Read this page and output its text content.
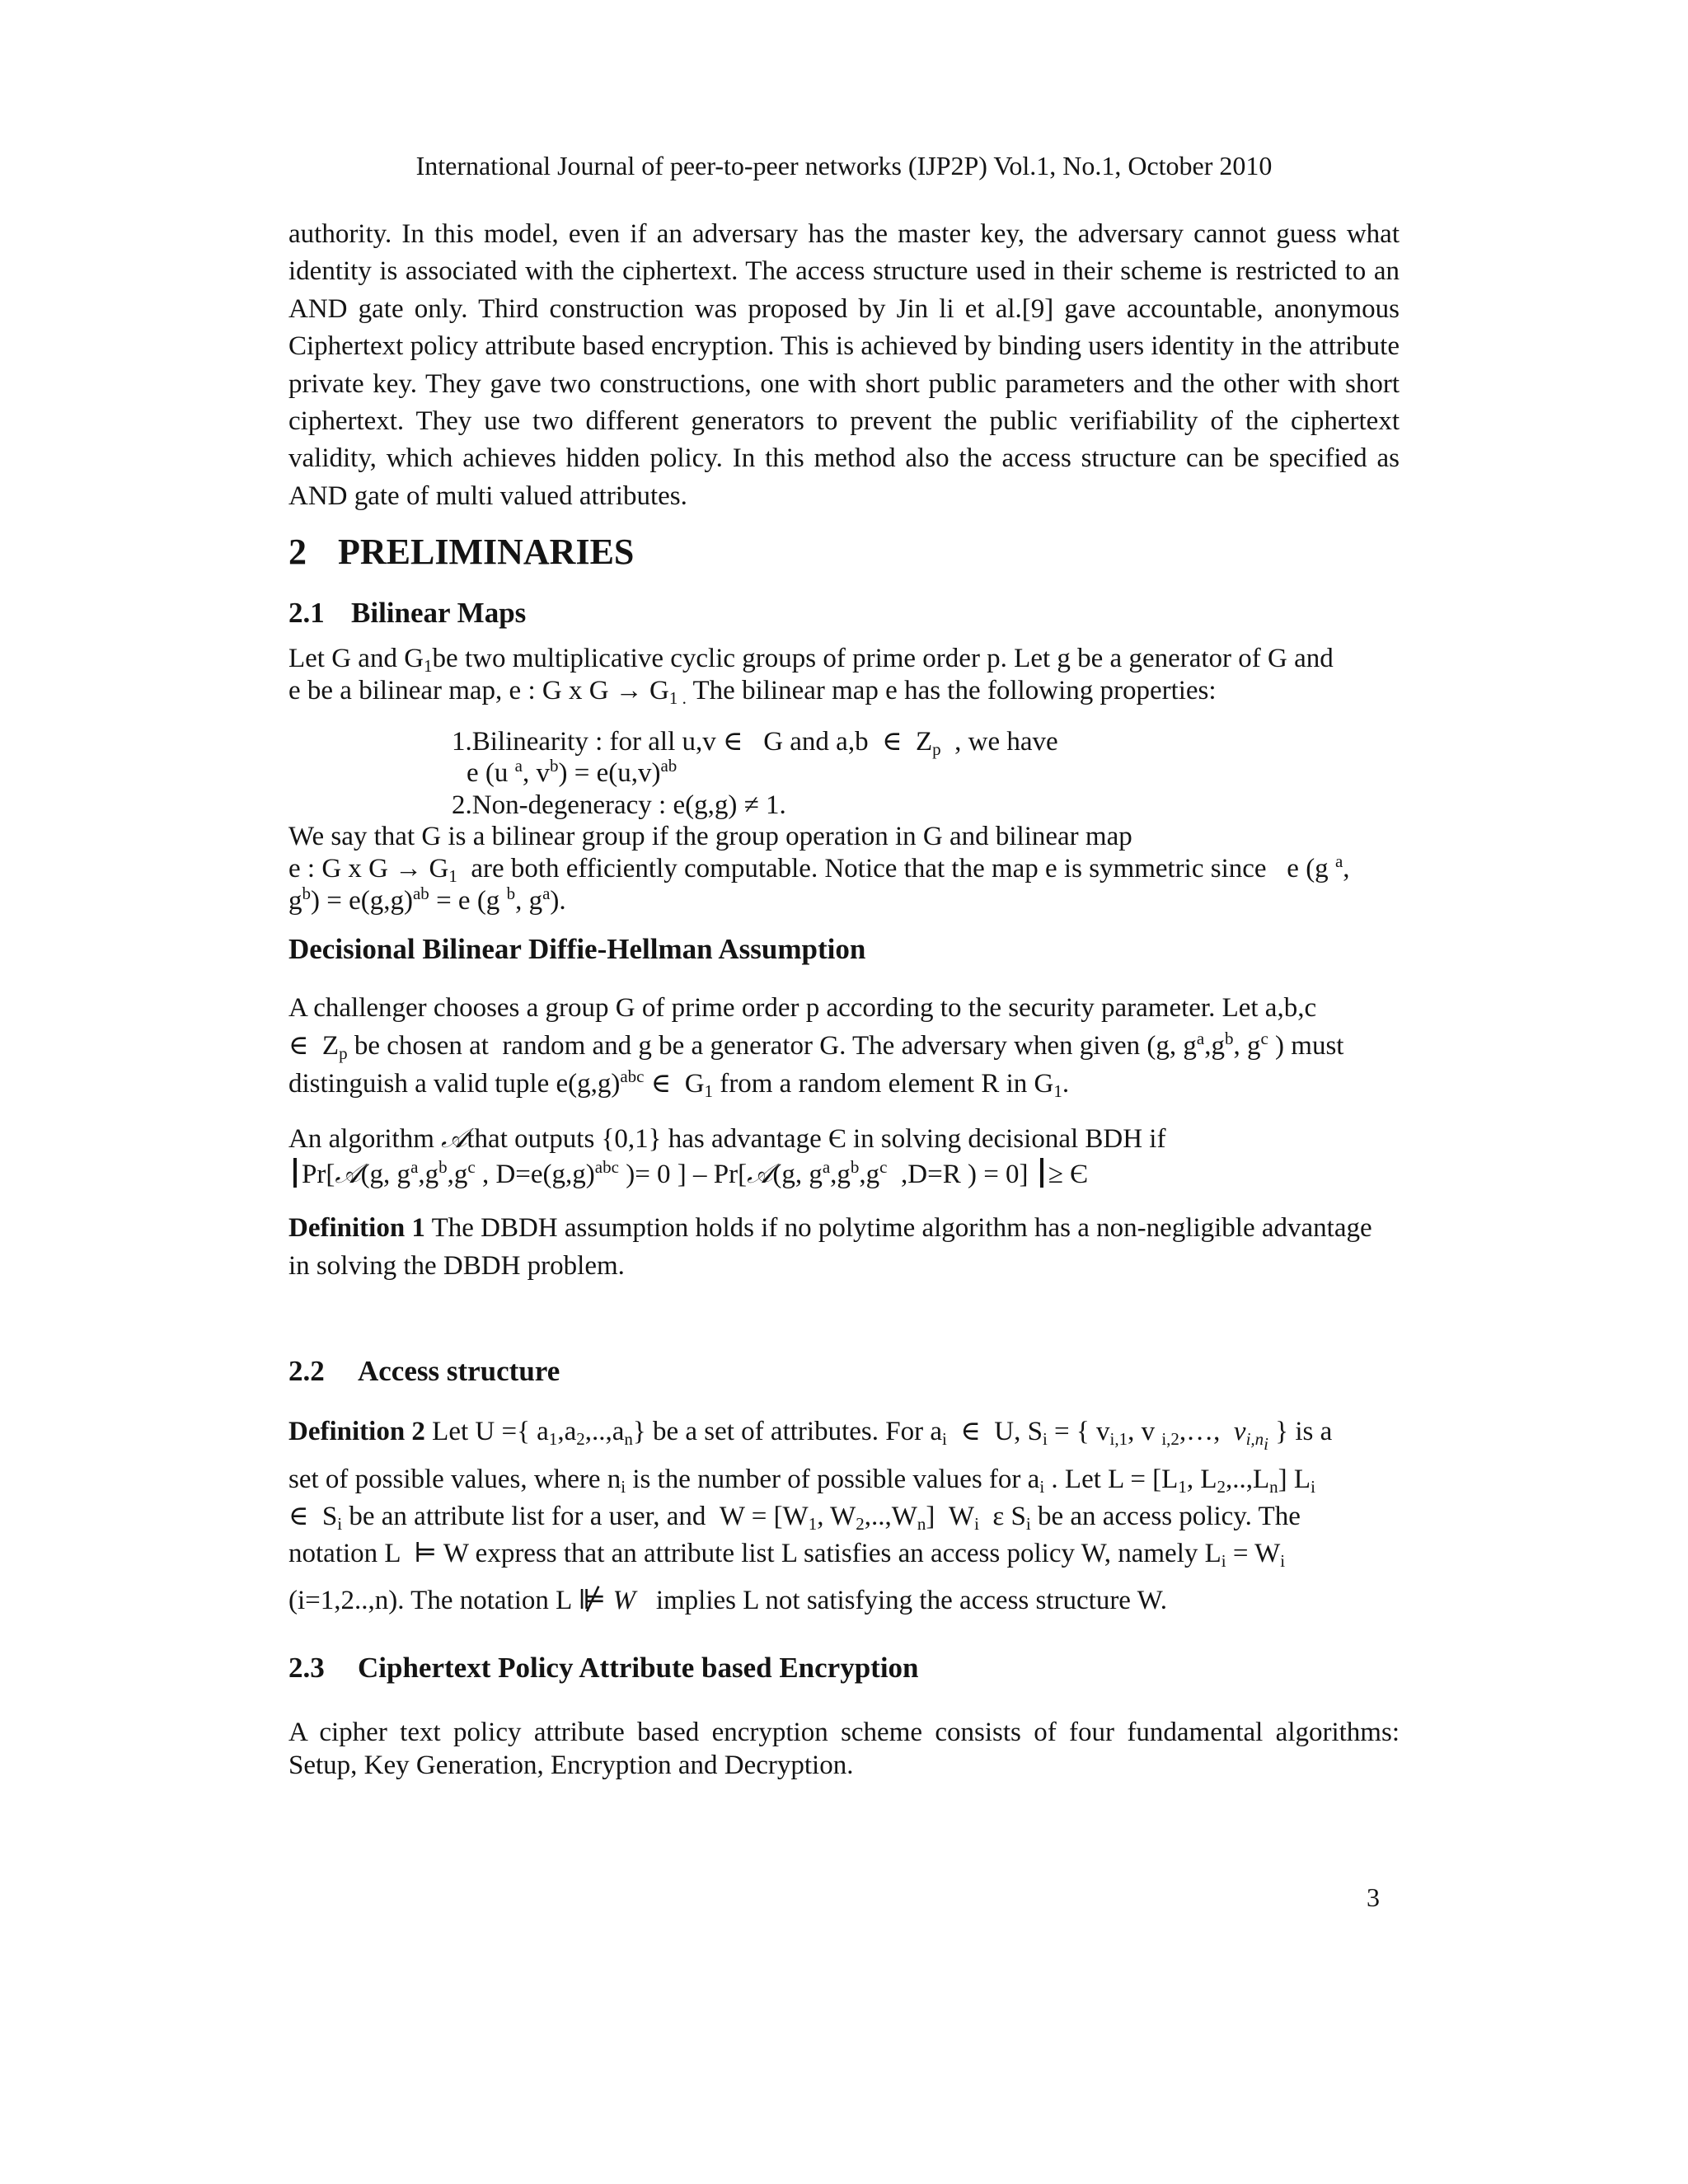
International Journal of peer-to-peer networks (IJP2P) Vol.1, No.1, October 2010
authority. In this model, even if an adversary has the master key, the adversary cannot guess what identity is associated with the ciphertext. The access structure used in their scheme is restricted to an AND gate only. Third construction was proposed by Jin li et al.[9] gave accountable, anonymous Ciphertext policy attribute based encryption. This is achieved by binding users identity in the attribute private key. They gave two constructions, one with short public parameters and the other with short ciphertext. They use two different generators to prevent the public verifiability of the ciphertext validity, which achieves hidden policy. In this method also the access structure can be specified as AND gate of multi valued attributes.
2 PRELIMINARIES
2.1 Bilinear Maps
Let G and $G_1be$ two multiplicative cyclic groups of prime order p. Let g be a generator of G and
e be a bilinear map, e : G x $G \to G_{1 .}$ The bilinear map e has the following properties:
1.Bilinearity : for all u,v ∈   G and a,b  ∈  $Z_p$  , we have
e (u $^a$, $v^b) = e(u,v)^{ab}$
2.Non-degeneracy : e(g,g) ≠ 1.
We say that G is a bilinear group if the group operation in G and bilinear map
e : G x $G \to G_1$  are both efficiently computable. Notice that the map e is symmetric since   e (g $^a$,
$g^b) = e(g,g)^{ab} = e$ (g $^b$, $g^a$).
Decisional Bilinear Diffie-Hellman Assumption
A challenger chooses a group G of prime order p according to the security parameter. Let a,b,c
∈  $Z_p$ be chosen at  random and g be a generator G. The adversary when given (g, $g^a,g^b$, $g^c$ ) must
distinguish a valid tuple $e(g,g)^{abc}$ ∈  $G_1$ from a random element R in $G_1$.
An algorithm 𝒜that outputs {0,1} has advantage Є in solving decisional BDH if
Pr[𝒜(g, $g^a,g^b,g^c$ , $D=e(g,g)^{abc}$ )= 0 ] – Pr[𝒜(g, $g^a,g^b,g^c$  ,D=R ) = 0] ≥ Є
Definition 1 The DBDH assumption holds if no polytime algorithm has a non-negligible advantage in solving the DBDH problem.
2.2 Access structure
Definition 2 Let U ={ $a_1,a_2,..,a_n$} be a set of attributes. For $a_i$  ∈  U, $S_i$ = { $v_{i,1}$, v $_{i,2}$,…,  $v_{i,n_i}$ } is a
set of possible values, where $n_i$ is the number of possible values for $a_i$ . Let $L = [L_1$, $L_2,..,L_n$] $L_i$
∈  $S_i$ be an attribute list for a user, and  $W = [W_1$, $W_2,..,W_n$]  $W_i$  ε $S_i$ be an access policy. The
notation L  ⊨ W express that an attribute list L satisfies an access policy W, namely $L_i = W_i$
(i=1,2..,n). The notation L ⊯ W   implies L not satisfying the access structure W.
2.3 Ciphertext Policy Attribute based Encryption
A cipher text policy attribute based encryption scheme consists of four fundamental algorithms: Setup, Key Generation, Encryption and Decryption.
3
